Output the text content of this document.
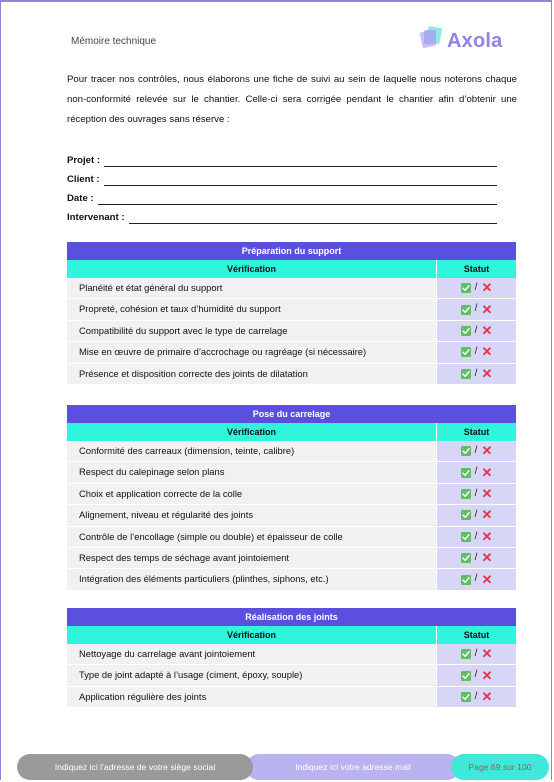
Mémoire technique	Axola
Pour tracer nos contrôles, nous élaborons une fiche de suivi au sein de laquelle nous noterons chaque non-conformité relevée sur le chantier. Celle-ci sera corrigée pendant le chantier afin d’obtenir une réception des ouvrages sans réserve :
Projet :
Client :
Date :
Intervenant :
Indiquez ici votre adresse mail
Indiquez ici l’adresse de votre siège social	Page 69 sur 100
Préparation du support
Vérification	Statut
Planéité et état général du support	/ ✕
Propreté, cohésion et taux d’humidité du support	/ ✕
Compatibilité du support avec le type de carrelage	/ ✕
Mise en œuvre de primaire d’accrochage ou ragréage (si nécessaire)	/ ✕
Présence et disposition correcte des joints de dilatation	/ ✕
Pose du carrelage
Vérification	Statut
Conformité des carreaux (dimension, teinte, calibre)	/ ✕
Respect du calepinage selon plans	/ ✕
Choix et application correcte de la colle	/ ✕
Alignement, niveau et régularité des joints	/ ✕
Contrôle de l’encollage (simple ou double) et épaisseur de colle	/ ✕
Respect des temps de séchage avant jointoiement	/ ✕
Intégration des éléments particuliers (plinthes, siphons, etc.)	/ ✕
Réalisation des joints
Vérification	Statut
Nettoyage du carrelage avant jointoiement	/ ✕
Type de joint adapté à l’usage (ciment, époxy, souple)	/ ✕
Application régulière des joints	/ ✕
